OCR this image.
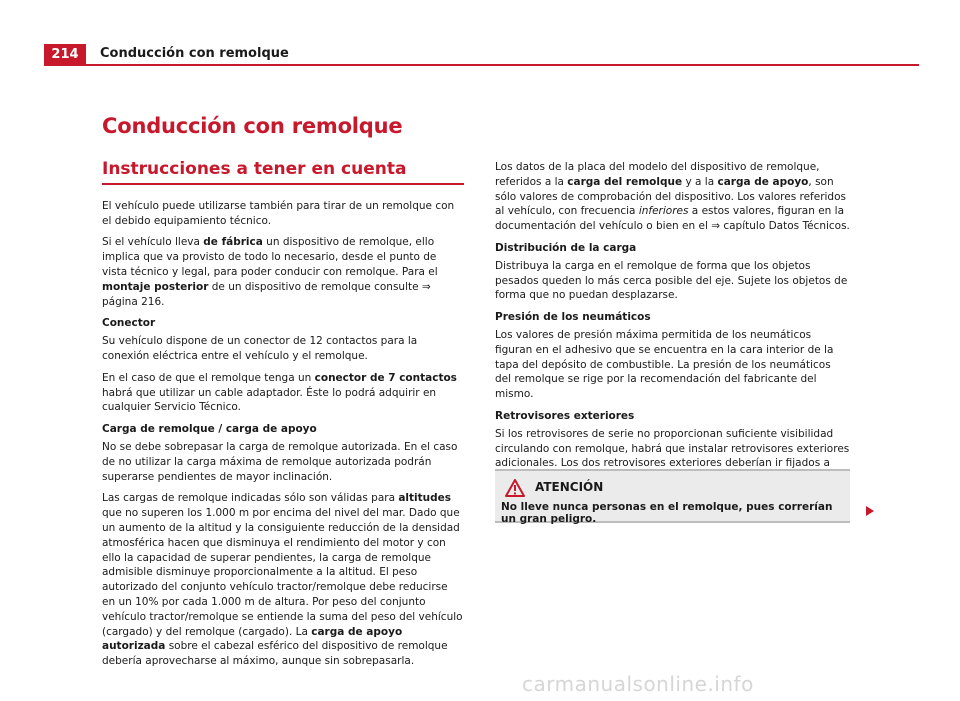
214	Conducción con remolque
Conducción con remolque
Instrucciones a tener en cuenta

El vehículo puede utilizarse también para tirar de un remolque con el debido equipamiento técnico.

Si el vehículo lleva de fábrica un dispositivo de remolque, ello implica que va provisto de todo lo necesario, desde el punto de vista técnico y legal, para poder conducir con remolque. Para el montaje posterior de un dispositivo de remolque consulte ⇒ página 216.

Conector

Su vehículo dispone de un conector de 12 contactos para la conexión eléctrica entre el vehículo y el remolque.

En el caso de que el remolque tenga un conector de 7 contactos habrá que utilizar un cable adaptador. Éste lo podrá adquirir en cualquier Servicio Técnico.

Carga de remolque / carga de apoyo

No se debe sobrepasar la carga de remolque autorizada. En el caso de no utilizar la carga máxima de remolque autorizada podrán superarse pendientes de mayor inclinación.

Las cargas de remolque indicadas sólo son válidas para altitudes que no superen los 1.000 m por encima del nivel del mar. Dado que un aumento de la altitud y la consiguiente reducción de la densidad atmosférica hacen que disminuya el rendimiento del motor y con ello la capacidad de superar pendientes, la carga de remolque admisible disminuye proporcionalmente a la altitud. El peso autorizado del conjunto vehículo tractor/remolque debe reducirse en un 10% por cada 1.000 m de altura. Por peso del conjunto vehículo tractor/remolque se entiende la suma del peso del vehículo (cargado) y del remolque (cargado). La carga de apoyo autorizada sobre el cabezal esférico del dispositivo de remolque debería aprovecharse al máximo, aunque sin sobrepasarla.

Los datos de la placa del modelo del dispositivo de remolque, referidos a la carga del remolque y a la carga de apoyo, son sólo valores de comprobación del dispositivo. Los valores referidos al vehículo, con frecuencia inferiores a estos valores, figuran en la documentación del vehículo o bien en el ⇒ capítulo Datos Técnicos.

Distribución de la carga

Distribuya la carga en el remolque de forma que los objetos pesados queden lo más cerca posible del eje. Sujete los objetos de forma que no puedan desplazarse.

Presión de los neumáticos

Los valores de presión máxima permitida de los neumáticos figuran en el adhesivo que se encuentra en la cara interior de la tapa del depósito de combustible. La presión de los neumáticos del remolque se rige por la recomendación del fabricante del mismo.

Retrovisores exteriores

Si los retrovisores de serie no proporcionan suficiente visibilidad circulando con remolque, habrá que instalar retrovisores exteriores adicionales. Los dos retrovisores exteriores deberían ir fijados a

ATENCIÓN
No lleve nunca personas en el remolque, pues correrían un gran peligro.
carmanualsonline.info
